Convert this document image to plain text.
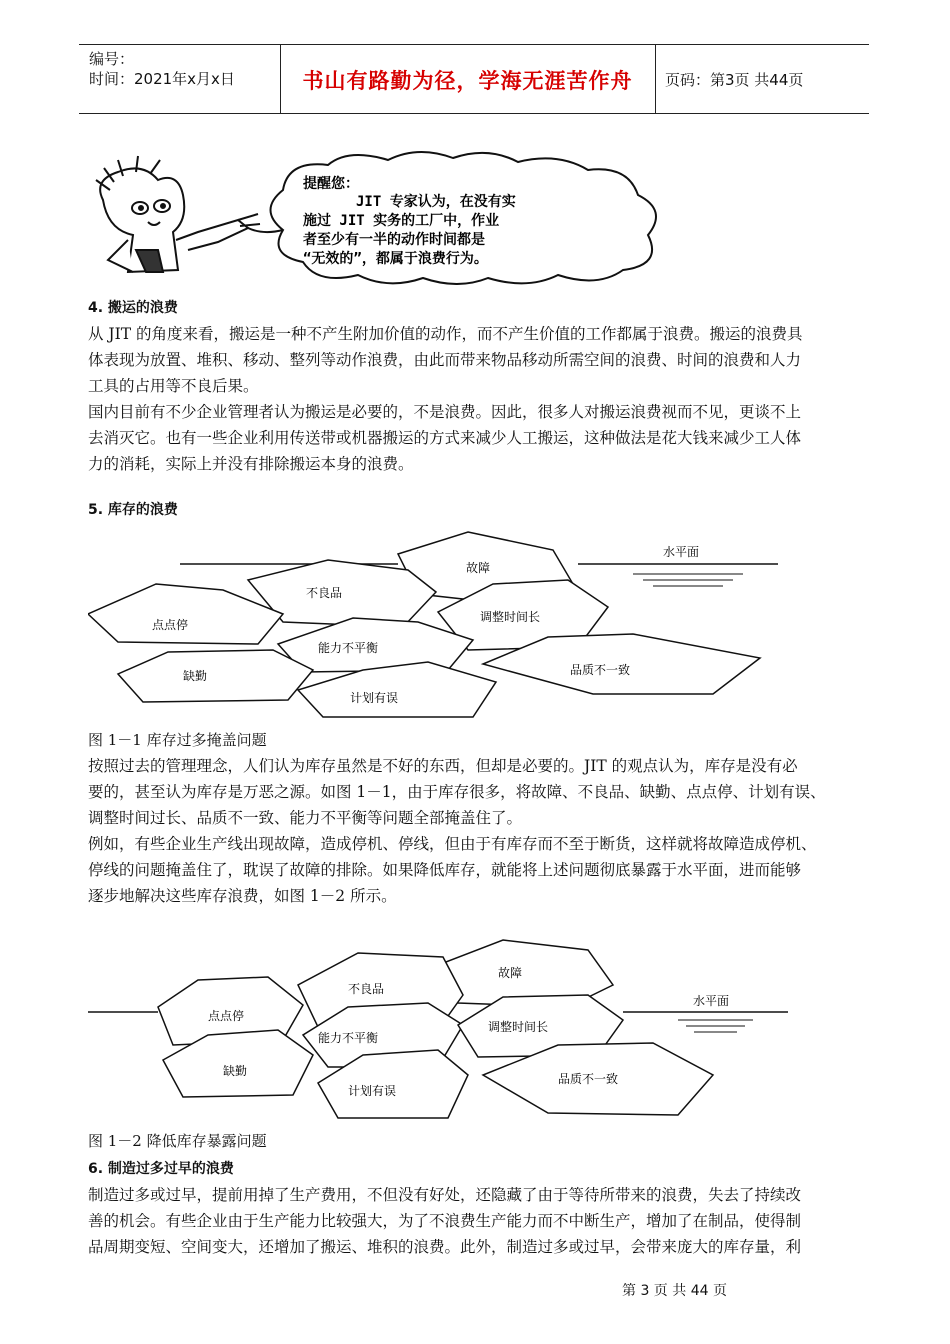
编号：
时间：2021年x月x日	书山有路勤为径，学海无涯苦作舟	页码：第3页 共44页
提醒您：
JIT 专家认为，在没有实
施过 JIT 实务的工厂中，作业
者至少有一半的动作时间都是
“无效的”，都属于浪费行为。
4. 搬运的浪费
从 JIT 的角度来看，搬运是一种不产生附加价值的动作，而不产生价值的工作都属于浪费。搬运的浪费具
体表现为放置、堆积、移动、整列等动作浪费，由此而带来物品移动所需空间的浪费、时间的浪费和人力
工具的占用等不良后果。
国内目前有不少企业管理者认为搬运是必要的，不是浪费。因此，很多人对搬运浪费视而不见，更谈不上
去消灭它。也有一些企业利用传送带或机器搬运的方式来减少人工搬运，这种做法是花大钱来减少工人体
力的消耗，实际上并没有排除搬运本身的浪费。
5. 库存的浪费
水平面
故障
不良品
调整时间长
点点停
能力不平衡
缺勤
计划有误
品质不一致
图 1－1 库存过多掩盖问题
按照过去的管理理念，人们认为库存虽然是不好的东西，但却是必要的。JIT 的观点认为，库存是没有必
要的，甚至认为库存是万恶之源。如图 1－1，由于库存很多，将故障、不良品、缺勤、点点停、计划有误、
调整时间过长、品质不一致、能力不平衡等问题全部掩盖住了。
例如，有些企业生产线出现故障，造成停机、停线，但由于有库存而不至于断货，这样就将故障造成停机、
停线的问题掩盖住了，耽误了故障的排除。如果降低库存，就能将上述问题彻底暴露于水平面，进而能够
逐步地解决这些库存浪费，如图 1－2 所示。
水平面
故障
不良品
点点停
能力不平衡
调整时间长
缺勤
计划有误
品质不一致
图 1－2 降低库存暴露问题
6. 制造过多过早的浪费
制造过多或过早，提前用掉了生产费用，不但没有好处，还隐藏了由于等待所带来的浪费，失去了持续改
善的机会。有些企业由于生产能力比较强大，为了不浪费生产能力而不中断生产，增加了在制品，使得制
品周期变短、空间变大，还增加了搬运、堆积的浪费。此外，制造过多或过早，会带来庞大的库存量，利
第 3 页 共 44 页
